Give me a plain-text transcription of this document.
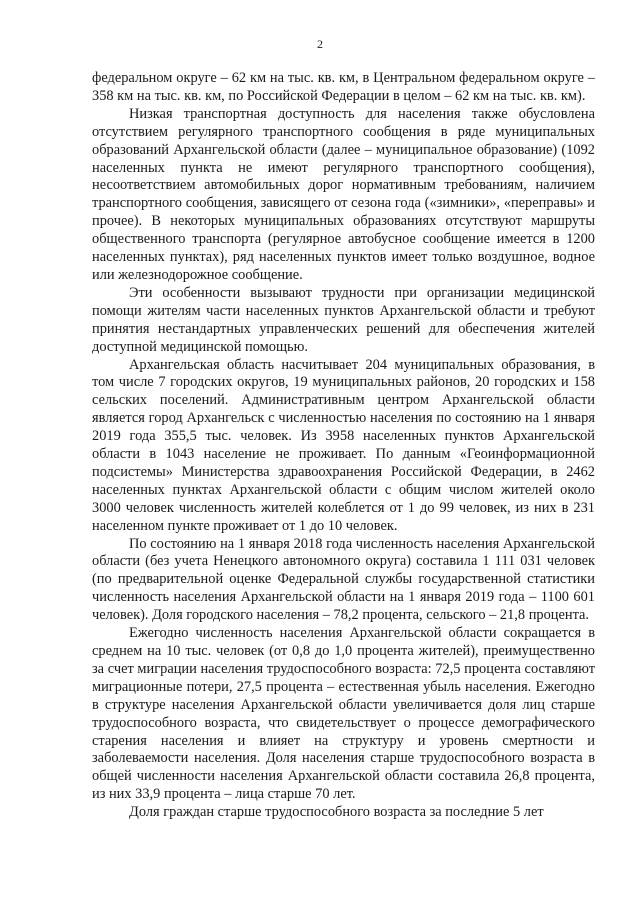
2

федеральном округе – 62 км на тыс. кв. км, в Центральном федеральном округе – 358 км на тыс. кв. км, по Российской Федерации в целом – 62 км на тыс. кв. км).

Низкая транспортная доступность для населения также обусловлена отсутствием регулярного транспортного сообщения в ряде муниципальных образований Архангельской области (далее – муниципальное образование) (1092 населенных пункта не имеют регулярного транспортного сообщения), несоответствием автомобильных дорог нормативным требованиям, наличием транспортного сообщения, зависящего от сезона года («зимники», «переправы» и прочее). В некоторых муниципальных образованиях отсутствуют маршруты общественного транспорта (регулярное автобусное сообщение имеется в 1200 населенных пунктах), ряд населенных пунктов имеет только воздушное, водное или железнодорожное сообщение.

Эти особенности вызывают трудности при организации медицинской помощи жителям части населенных пунктов Архангельской области и требуют принятия нестандартных управленческих решений для обеспечения жителей доступной медицинской помощью.

Архангельская область насчитывает 204 муниципальных образования, в том числе 7 городских округов, 19 муниципальных районов, 20 городских и 158 сельских поселений. Административным центром Архангельской области является город Архангельск с численностью населения по состоянию на 1 января 2019 года 355,5 тыс. человек. Из 3958 населенных пунктов Архангельской области в 1043 население не проживает. По данным «Геоинформационной подсистемы» Министерства здравоохранения Российской Федерации, в 2462 населенных пунктах Архангельской области с общим числом жителей около 3000 человек численность жителей колеблется от 1 до 99 человек, из них в 231 населенном пункте проживает от 1 до 10 человек.

По состоянию на 1 января 2018 года численность населения Архангельской области (без учета Ненецкого автономного округа) составила 1 111 031 человек (по предварительной оценке Федеральной службы государственной статистики численность населения Архангельской области на 1 января 2019 года – 1100 601 человек). Доля городского населения – 78,2 процента, сельского – 21,8 процента.

Ежегодно численность населения Архангельской области сокращается в среднем на 10 тыс. человек (от 0,8 до 1,0 процента жителей), преимущественно за счет миграции населения трудоспособного возраста: 72,5 процента составляют миграционные потери, 27,5 процента – естественная убыль населения. Ежегодно в структуре населения Архангельской области увеличивается доля лиц старше трудоспособного возраста, что свидетельствует о процессе демографического старения населения и влияет на структуру и уровень смертности и заболеваемости населения. Доля населения старше трудоспособного возраста в общей численности населения Архангельской области составила 26,8 процента, из них 33,9 процента – лица старше 70 лет.

Доля граждан старше трудоспособного возраста за последние 5 лет
